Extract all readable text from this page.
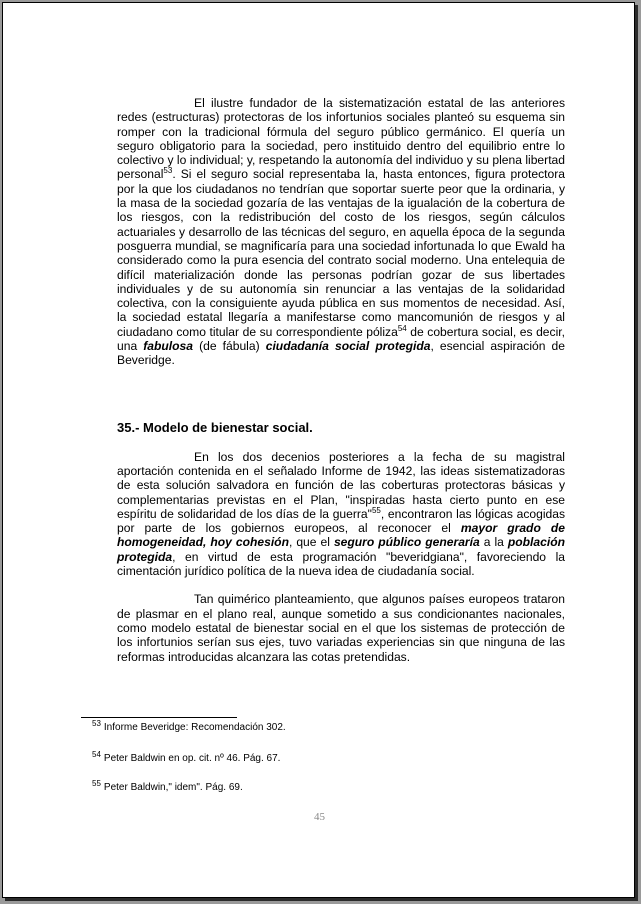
El ilustre fundador de la sistematización estatal de las anteriores redes (estructuras) protectoras de los infortunios sociales planteó su esquema sin romper con la tradicional fórmula del seguro público germánico. El quería un seguro obligatorio para la sociedad, pero instituido dentro del equilibrio entre lo colectivo y lo individual; y, respetando la autonomía del individuo y su plena libertad personal$^{53}$. Si el seguro social representaba la, hasta entonces, figura protectora por la que los ciudadanos no tendrían que soportar suerte peor que la ordinaria, y la masa de la sociedad gozaría de las ventajas de la igualación de la cobertura de los riesgos, con la redistribución del costo de los riesgos, según cálculos actuariales y desarrollo de las técnicas del seguro, en aquella época de la segunda posguerra mundial, se magnificaría para una sociedad infortunada lo que Ewald ha considerado como la pura esencia del contrato social moderno. Una entelequia de difícil materialización donde las personas podrían gozar de sus libertades individuales y de su autonomía sin renunciar a las ventajas de la solidaridad colectiva, con la consiguiente ayuda pública en sus momentos de necesidad. Así, la sociedad estatal llegaría a manifestarse como mancomunión de riesgos y al ciudadano como titular de su correspondiente póliza$^{54}$ de cobertura social, es decir, una fabulosa (de fábula) ciudadanía social protegida, esencial aspiración de Beveridge.

35.- Modelo de bienestar social.

En los dos decenios posteriores a la fecha de su magistral aportación contenida en el señalado Informe de 1942, las ideas sistematizadoras de esta solución salvadora en función de las coberturas protectoras básicas y complementarias previstas en el Plan, "inspiradas hasta cierto punto en ese espíritu de solidaridad de los días de la guerra"$^{55}$, encontraron las lógicas acogidas por parte de los gobiernos europeos, al reconocer el mayor grado de homogeneidad, hoy cohesión, que el seguro público generaría a la población protegida, en virtud de esta programación "beveridgiana", favoreciendo la cimentación jurídico política de la nueva idea de ciudadanía social.

Tan quimérico planteamiento, que algunos países europeos trataron de plasmar en el plano real, aunque sometido a sus condicionantes nacionales, como modelo estatal de bienestar social en el que los sistemas de protección de los infortunios serían sus ejes, tuvo variadas experiencias sin que ninguna de las reformas introducidas alcanzara las cotas pretendidas.

$^{53}$ Informe Beveridge: Recomendación 302.
$^{54}$ Peter Baldwin en op. cit. nº 46. Pág. 67.
$^{55}$ Peter Baldwin," idem". Pág. 69.
45
